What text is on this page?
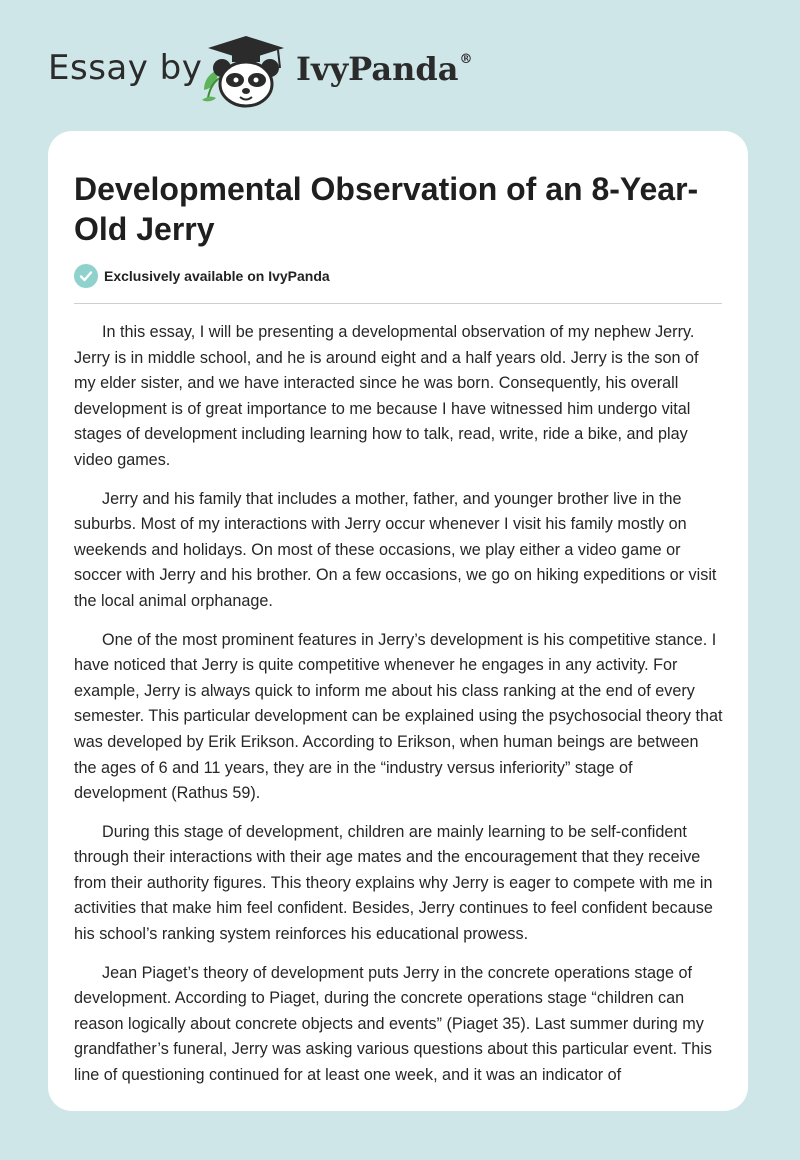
Essay by	IvyPanda®
Developmental Observation of an 8-Year-Old Jerry
Exclusively available on IvyPanda

In this essay, I will be presenting a developmental observation of my nephew Jerry. Jerry is in middle school, and he is around eight and a half years old. Jerry is the son of my elder sister, and we have interacted since he was born. Consequently, his overall development is of great importance to me because I have witnessed him undergo vital stages of development including learning how to talk, read, write, ride a bike, and play video games.

Jerry and his family that includes a mother, father, and younger brother live in the suburbs. Most of my interactions with Jerry occur whenever I visit his family mostly on weekends and holidays. On most of these occasions, we play either a video game or soccer with Jerry and his brother. On a few occasions, we go on hiking expeditions or visit the local animal orphanage.

One of the most prominent features in Jerry’s development is his competitive stance. I have noticed that Jerry is quite competitive whenever he engages in any activity. For example, Jerry is always quick to inform me about his class ranking at the end of every semester. This particular development can be explained using the psychosocial theory that was developed by Erik Erikson. According to Erikson, when human beings are between the ages of 6 and 11 years, they are in the “industry versus inferiority” stage of development (Rathus 59).

During this stage of development, children are mainly learning to be self-confident through their interactions with their age mates and the encouragement that they receive from their authority figures. This theory explains why Jerry is eager to compete with me in activities that make him feel confident. Besides, Jerry continues to feel confident because his school’s ranking system reinforces his educational prowess.

Jean Piaget’s theory of development puts Jerry in the concrete operations stage of development. According to Piaget, during the concrete operations stage “children can reason logically about concrete objects and events” (Piaget 35). Last summer during my grandfather’s funeral, Jerry was asking various questions about this particular event. This line of questioning continued for at least one week, and it was an indicator of
